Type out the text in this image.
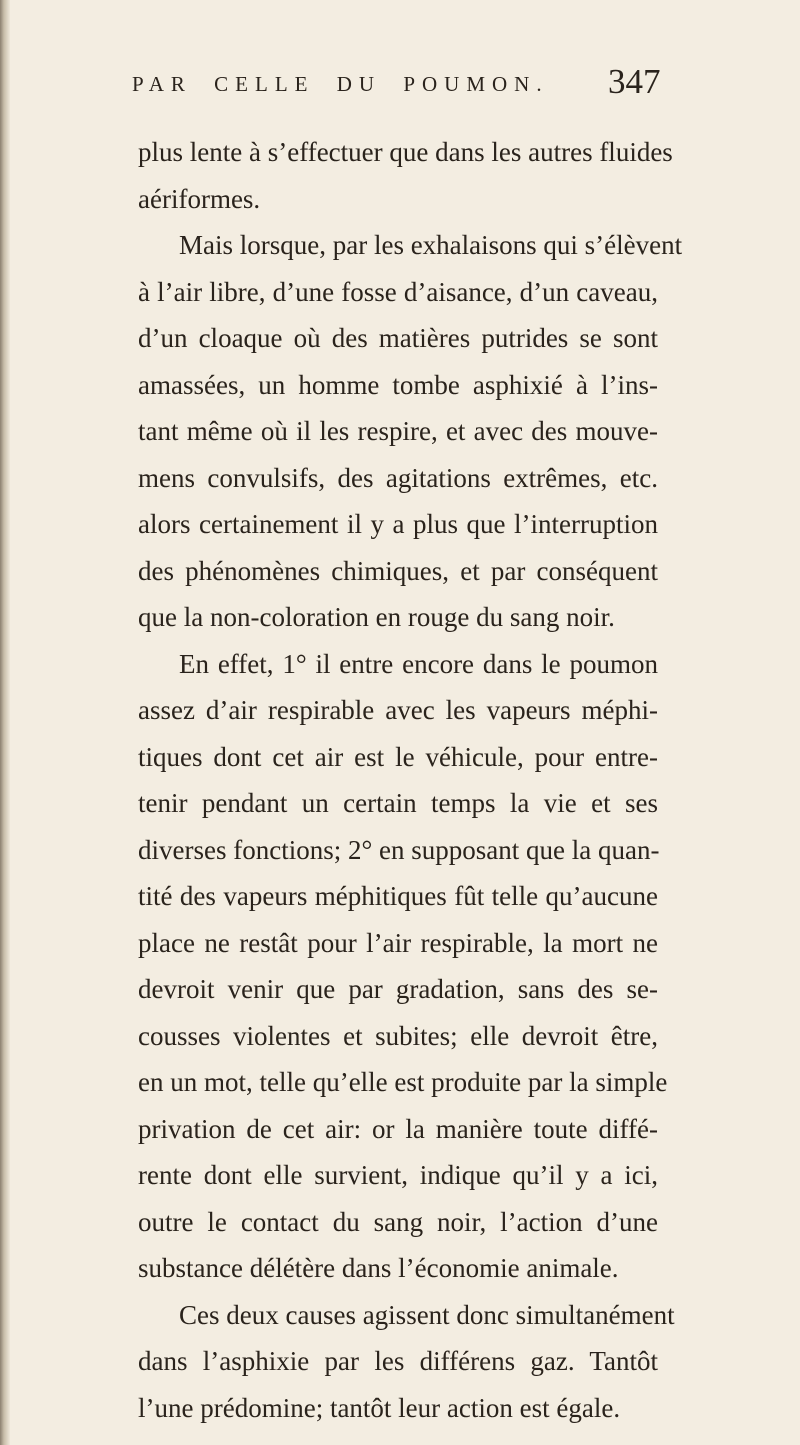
PAR CELLE DU POUMON. 347
plus lente à s’effectuer que dans les autres fluides
aériformes.
Mais lorsque, par les exhalaisons qui s’élèvent
à l’air libre, d’une fosse d’aisance, d’un caveau,
d’un cloaque où des matières putrides se sont
amassées, un homme tombe asphixié à l’ins-
tant même où il les respire, et avec des mouve-
mens convulsifs, des agitations extrêmes, etc.
alors certainement il y a plus que l’interruption
des phénomènes chimiques, et par conséquent
que la non-coloration en rouge du sang noir.
En effet, 1° il entre encore dans le poumon
assez d’air respirable avec les vapeurs méphi-
tiques dont cet air est le véhicule, pour entre-
tenir pendant un certain temps la vie et ses
diverses fonctions; 2° en supposant que la quan-
tité des vapeurs méphitiques fût telle qu’aucune
place ne restât pour l’air respirable, la mort ne
devroit venir que par gradation, sans des se-
cousses violentes et subites; elle devroit être,
en un mot, telle qu’elle est produite par la simple
privation de cet air: or la manière toute diffé-
rente dont elle survient, indique qu’il y a ici,
outre le contact du sang noir, l’action d’une
substance délétère dans l’économie animale.
Ces deux causes agissent donc simultanément
dans l’asphixie par les différens gaz. Tantôt
l’une prédomine; tantôt leur action est égale.
